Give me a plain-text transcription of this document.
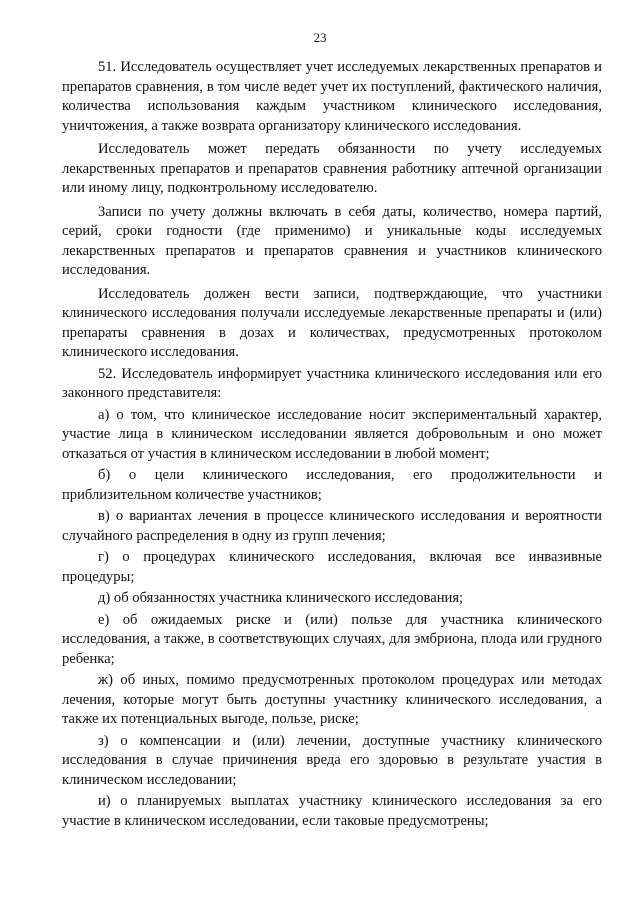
23

51. Исследователь осуществляет учет исследуемых лекарственных препаратов и препаратов сравнения, в том числе ведет учет их поступлений, фактического наличия, количества использования каждым участником клинического исследования, уничтожения, а также возврата организатору клинического исследования.

Исследователь может передать обязанности по учету исследуемых лекарственных препаратов и препаратов сравнения работнику аптечной организации или иному лицу, подконтрольному исследователю.

Записи по учету должны включать в себя даты, количество, номера партий, серий, сроки годности (где применимо) и уникальные коды исследуемых лекарственных препаратов и препаратов сравнения и участников клинического исследования.

Исследователь должен вести записи, подтверждающие, что участники клинического исследования получали исследуемые лекарственные препараты и (или) препараты сравнения в дозах и количествах, предусмотренных протоколом клинического исследования.

52. Исследователь информирует участника клинического исследования или его законного представителя:

а) о том, что клиническое исследование носит экспериментальный характер, участие лица в клиническом исследовании является добровольным и оно может отказаться от участия в клиническом исследовании в любой момент;

б) о цели клинического исследования, его продолжительности и приблизительном количестве участников;

в) о вариантах лечения в процессе клинического исследования и вероятности случайного распределения в одну из групп лечения;

г) о процедурах клинического исследования, включая все инвазивные процедуры;

д) об обязанностях участника клинического исследования;

е) об ожидаемых риске и (или) пользе для участника клинического исследования, а также, в соответствующих случаях, для эмбриона, плода или грудного ребенка;

ж) об иных, помимо предусмотренных протоколом процедурах или методах лечения, которые могут быть доступны участнику клинического исследования, а также их потенциальных выгоде, пользе, риске;

з) о компенсации и (или) лечении, доступные участнику клинического исследования в случае причинения вреда его здоровью в результате участия в клиническом исследовании;

и) о планируемых выплатах участнику клинического исследования за его участие в клиническом исследовании, если таковые предусмотрены;
